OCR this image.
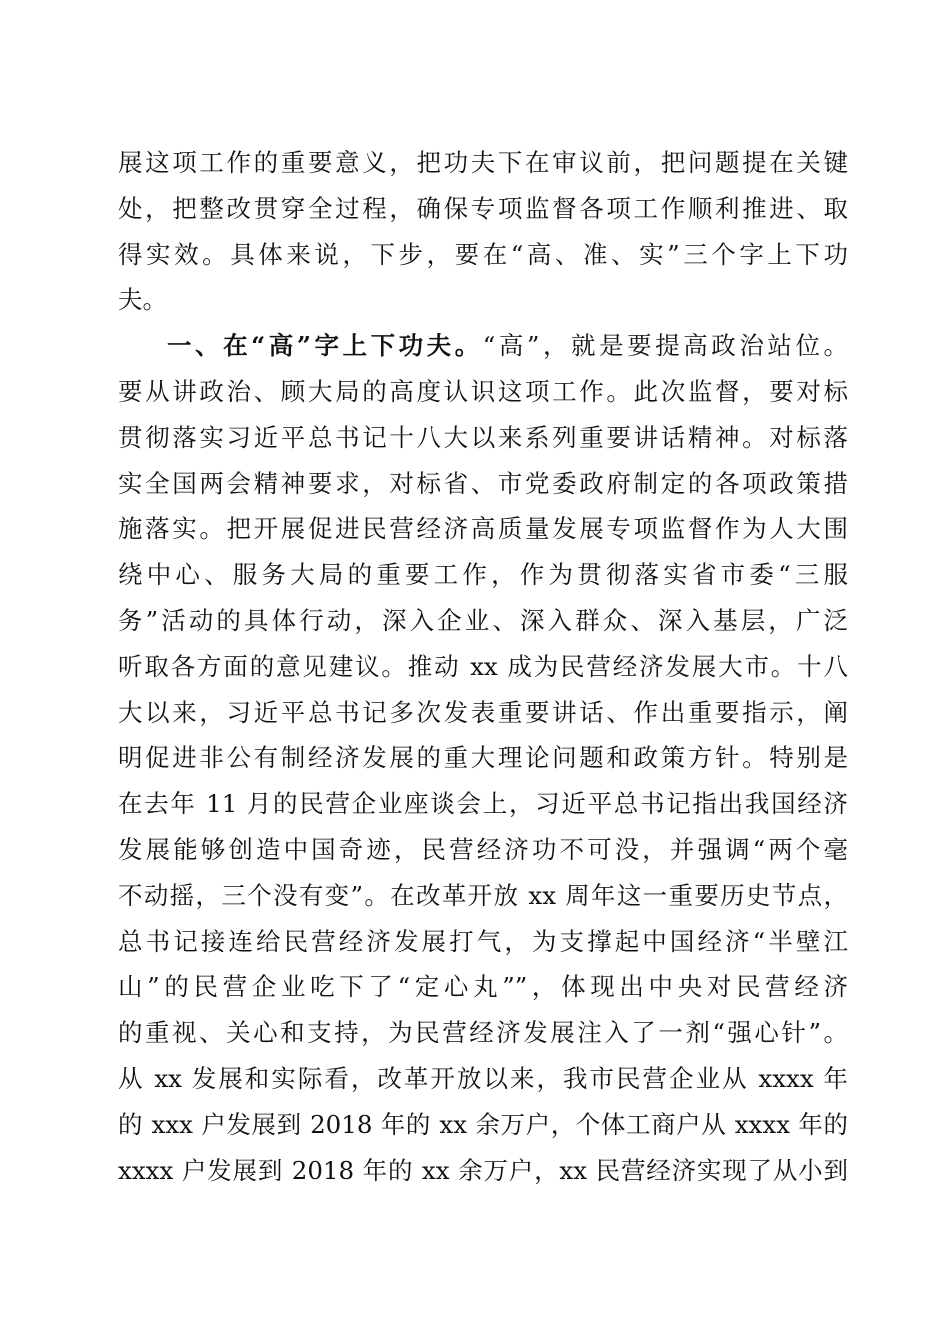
展这项工作的重要意义，把功夫下在审议前，把问题提在关键
处，把整改贯穿全过程，确保专项监督各项工作顺利推进、取
得实效。具体来说，下步，要在“高、准、实”三个字上下功
夫。
一、在“高”字上下功夫。“高”，就是要提高政治站位。
要从讲政治、顾大局的高度认识这项工作。此次监督，要对标
贯彻落实习近平总书记十八大以来系列重要讲话精神。对标落
实全国两会精神要求，对标省、市党委政府制定的各项政策措
施落实。把开展促进民营经济高质量发展专项监督作为人大围
绕中心、服务大局的重要工作，作为贯彻落实省市委“三服
务”活动的具体行动，深入企业、深入群众、深入基层，广泛
听取各方面的意见建议。推动 xx 成为民营经济发展大市。十八
大以来，习近平总书记多次发表重要讲话、作出重要指示，阐
明促进非公有制经济发展的重大理论问题和政策方针。特别是
在去年 11 月的民营企业座谈会上，习近平总书记指出我国经济
发展能够创造中国奇迹，民营经济功不可没，并强调“两个毫
不动摇，三个没有变”。在改革开放 xx 周年这一重要历史节点，
总书记接连给民营经济发展打气，为支撑起中国经济“半壁江
山”的民营企业吃下了“定心丸””，体现出中央对民营经济
的重视、关心和支持，为民营经济发展注入了一剂“强心针”。
从 xx 发展和实际看，改革开放以来，我市民营企业从 xxxx 年
的 xxx 户发展到 2018 年的 xx 余万户，个体工商户从 xxxx 年的
xxxx 户发展到 2018 年的 xx 余万户，xx 民营经济实现了从小到
